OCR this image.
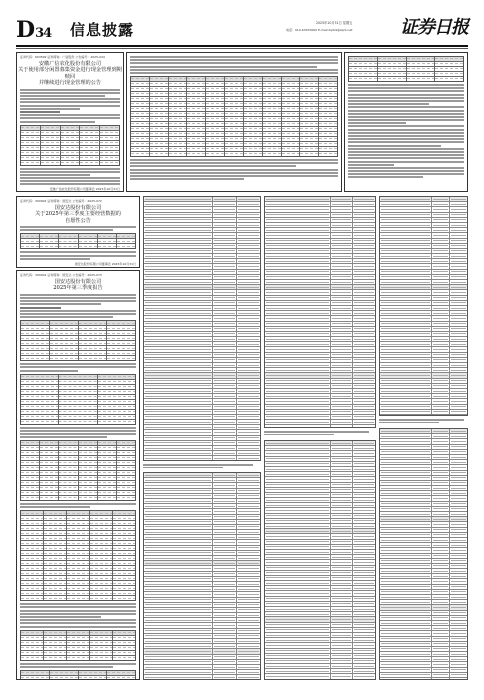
D34 信息披露	2025年10月31日 星期五
电话：010-63070000 E-mail:zqrb9@zqrb.net	证券日报
证券代码：603599 证券简称：广信股份 公告编号：2025-044
安徽广信农化股份有限公司
关于使用部分闲置募集资金进行现金管理到期赎回
并继续进行现金管理的公告
安徽广信农化股份有限公司董事会 2025年10月31日
证券代码：300902 证券简称：国安达 公告编号：2025-072
国安达股份有限公司
关于2025年第三季度主要经营数据的
自愿性公告
国安达股份有限公司董事会 2025年10月31日
证券代码：300902 证券简称：国安达 公告编号：2025-073
国安达股份有限公司
2025年第三季度报告
